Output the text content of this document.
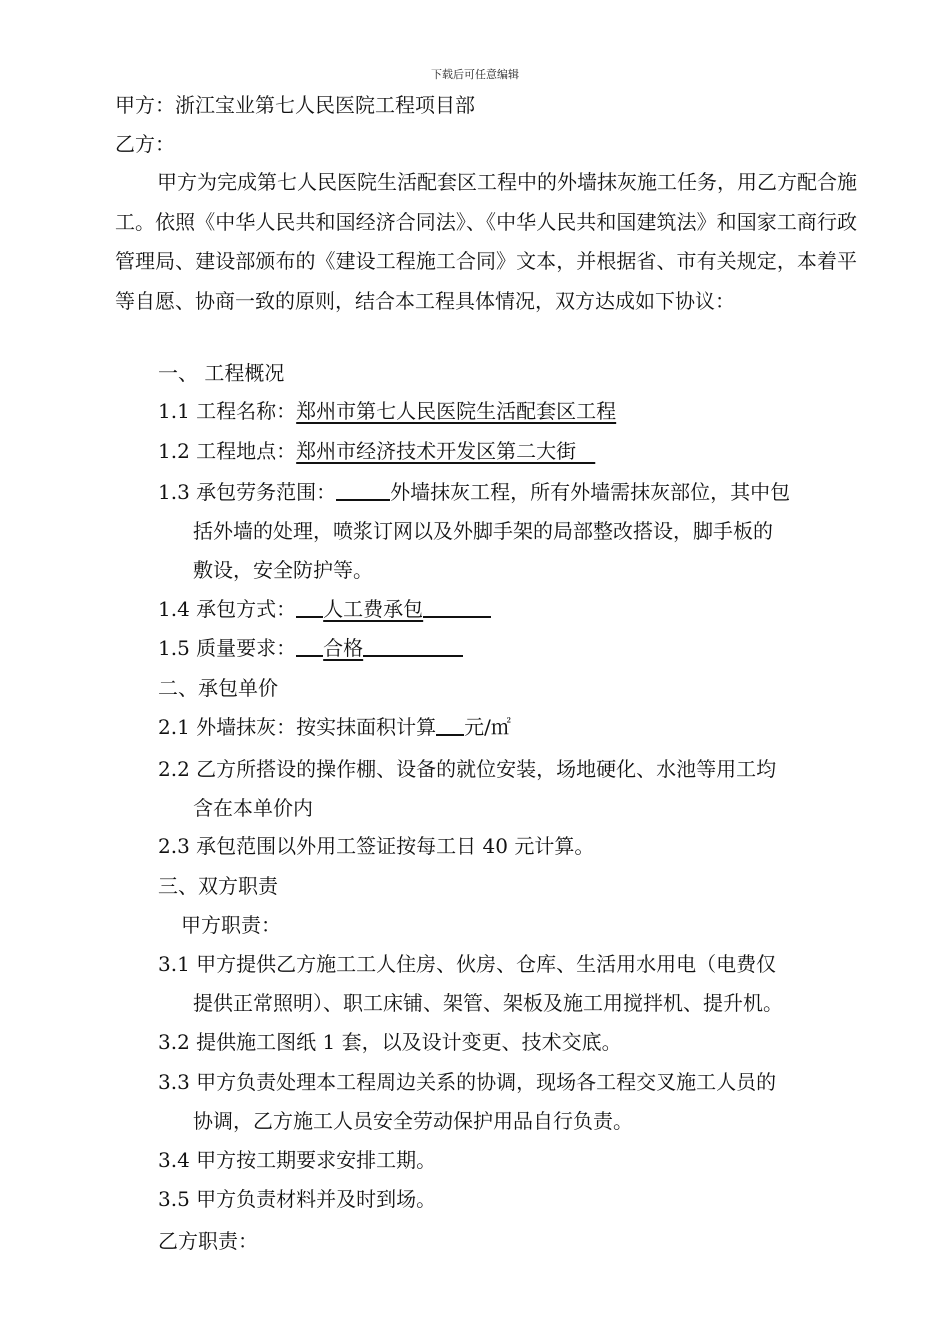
下载后可任意编辑
甲方：浙江宝业第七人民医院工程项目部
乙方：
甲方为完成第七人民医院生活配套区工程中的外墙抹灰施工任务，用乙方配合施工。依照《中华人民共和国经济合同法》、《中华人民共和国建筑法》和国家工商行政管理局、建设部颁布的《建设工程施工合同》文本，并根据省、市有关规定，本着平等自愿、协商一致的原则，结合本工程具体情况，双方达成如下协议：
一、 工程概况
1.1 工程名称：郑州市第七人民医院生活配套区工程
1.2 工程地点：郑州市经济技术开发区第二大街
1.3 承包劳务范围：	外墙抹灰工程，所有外墙需抹灰部位，其中包
括外墙的处理，喷浆订网以及外脚手架的局部整改搭设，脚手板的
敷设，安全防护等。
1.4 承包方式： 人工费承包
1.5 质量要求： 合格
二、承包单价
2.1 外墙抹灰：按实抹面积计算 元/㎡
2.2 乙方所搭设的操作棚、设备的就位安装，场地硬化、水池等用工均
含在本单价内
2.3 承包范围以外用工签证按每工日 40 元计算。
三、双方职责
甲方职责：
3.1 甲方提供乙方施工工人住房、伙房、仓库、生活用水用电（电费仅
提供正常照明）、职工床铺、架管、架板及施工用搅拌机、提升机。
3.2 提供施工图纸 1 套，以及设计变更、技术交底。
3.3 甲方负责处理本工程周边关系的协调，现场各工程交叉施工人员的
协调，乙方施工人员安全劳动保护用品自行负责。
3.4 甲方按工期要求安排工期。
3.5 甲方负责材料并及时到场。
乙方职责：
